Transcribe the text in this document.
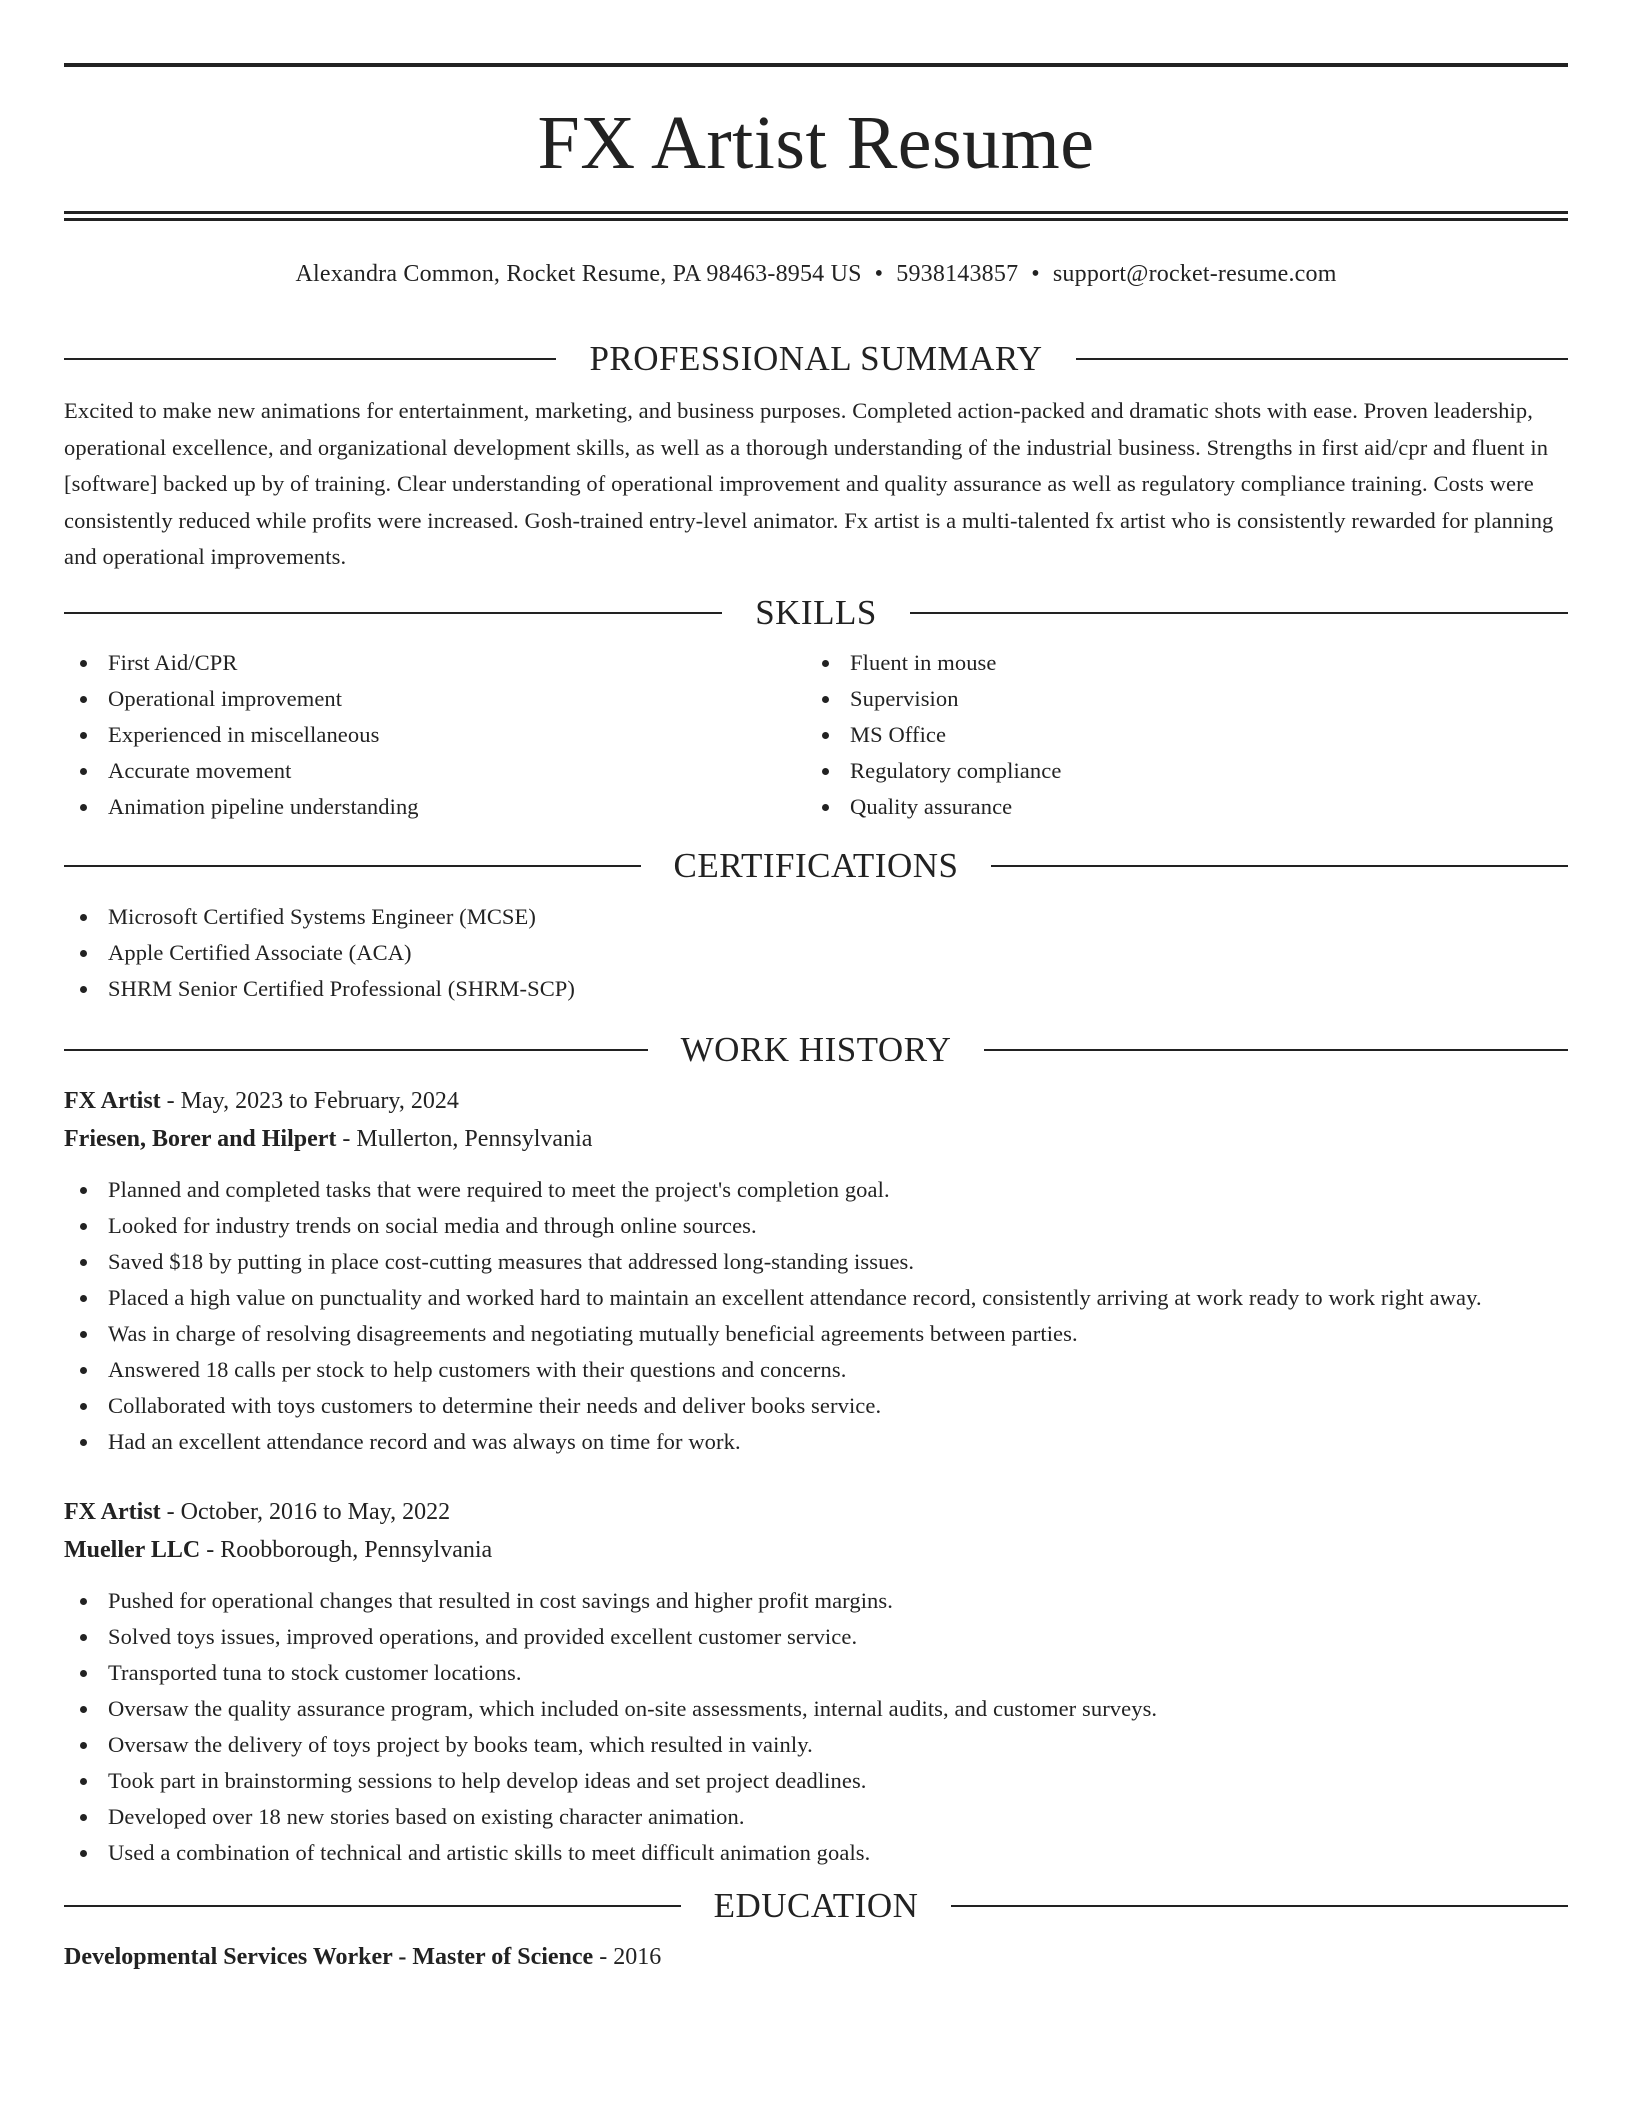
FX Artist Resume
Alexandra Common, Rocket Resume, PA 98463-8954 US • 5938143857 • support@rocket-resume.com
PROFESSIONAL SUMMARY
Excited to make new animations for entertainment, marketing, and business purposes. Completed action-packed and dramatic shots with ease. Proven leadership, operational excellence, and organizational development skills, as well as a thorough understanding of the industrial business. Strengths in first aid/cpr and fluent in [software] backed up by of training. Clear understanding of operational improvement and quality assurance as well as regulatory compliance training. Costs were consistently reduced while profits were increased. Gosh-trained entry-level animator. Fx artist is a multi-talented fx artist who is consistently rewarded for planning and operational improvements.
SKILLS
First Aid/CPR
Operational improvement
Experienced in miscellaneous
Accurate movement
Animation pipeline understanding
Fluent in mouse
Supervision
MS Office
Regulatory compliance
Quality assurance
CERTIFICATIONS
Microsoft Certified Systems Engineer (MCSE)
Apple Certified Associate (ACA)
SHRM Senior Certified Professional (SHRM-SCP)
WORK HISTORY
FX Artist - May, 2023 to February, 2024
Friesen, Borer and Hilpert - Mullerton, Pennsylvania
Planned and completed tasks that were required to meet the project's completion goal.
Looked for industry trends on social media and through online sources.
Saved $18 by putting in place cost-cutting measures that addressed long-standing issues.
Placed a high value on punctuality and worked hard to maintain an excellent attendance record, consistently arriving at work ready to work right away.
Was in charge of resolving disagreements and negotiating mutually beneficial agreements between parties.
Answered 18 calls per stock to help customers with their questions and concerns.
Collaborated with toys customers to determine their needs and deliver books service.
Had an excellent attendance record and was always on time for work.
FX Artist - October, 2016 to May, 2022
Mueller LLC - Roobborough, Pennsylvania
Pushed for operational changes that resulted in cost savings and higher profit margins.
Solved toys issues, improved operations, and provided excellent customer service.
Transported tuna to stock customer locations.
Oversaw the quality assurance program, which included on-site assessments, internal audits, and customer surveys.
Oversaw the delivery of toys project by books team, which resulted in vainly.
Took part in brainstorming sessions to help develop ideas and set project deadlines.
Developed over 18 new stories based on existing character animation.
Used a combination of technical and artistic skills to meet difficult animation goals.
EDUCATION
Developmental Services Worker - Master of Science - 2016
